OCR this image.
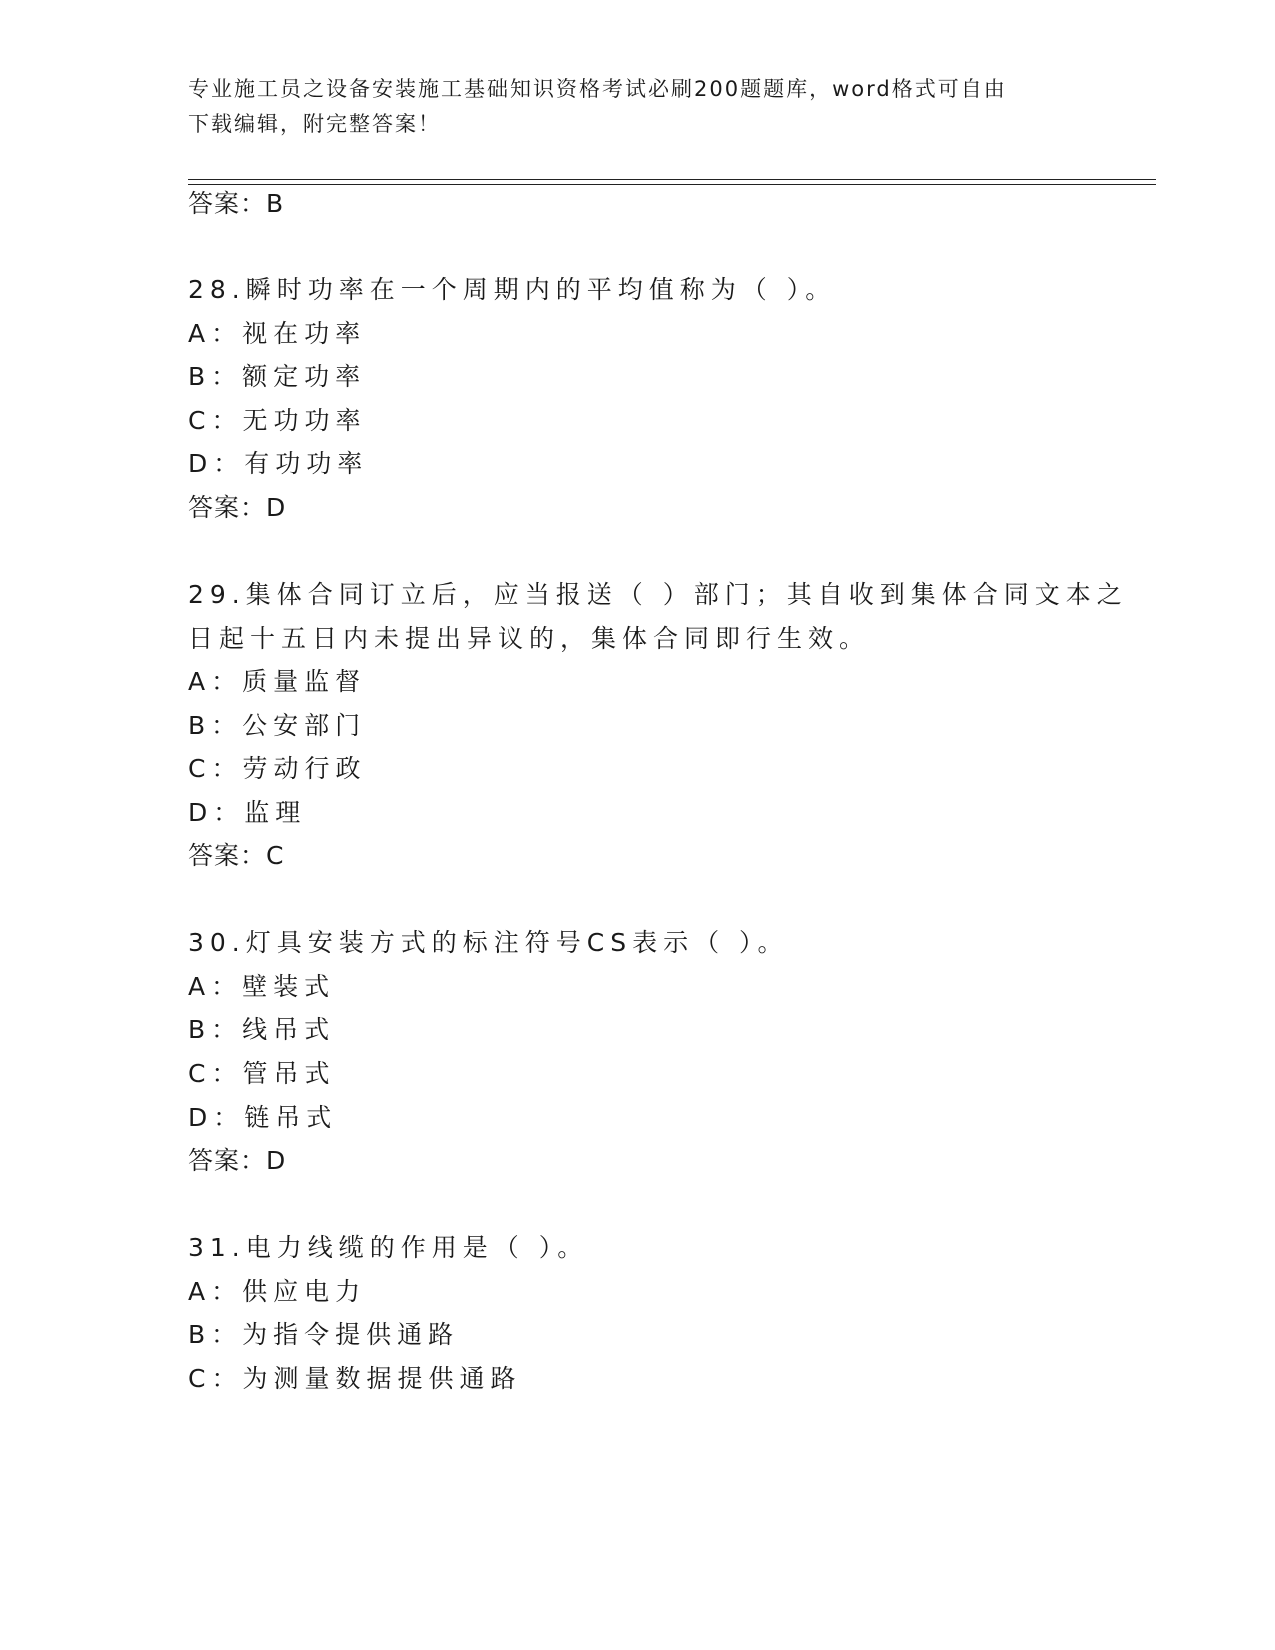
专业施工员之设备安装施工基础知识资格考试必刷200题题库，word格式可自由
下载编辑，附完整答案！
答案：B
28.瞬时功率在一个周期内的平均值称为（ ）。
A：视在功率
B：额定功率
C：无功功率
D：有功功率
答案：D
29.集体合同订立后，应当报送（ ）部门；其自收到集体合同文本之
日起十五日内未提出异议的，集体合同即行生效。
A：质量监督
B：公安部门
C：劳动行政
D：监理
答案：C
30.灯具安装方式的标注符号CS表示（ ）。
A：壁装式
B：线吊式
C：管吊式
D：链吊式
答案：D
31.电力线缆的作用是（ ）。
A：供应电力
B：为指令提供通路
C：为测量数据提供通路
